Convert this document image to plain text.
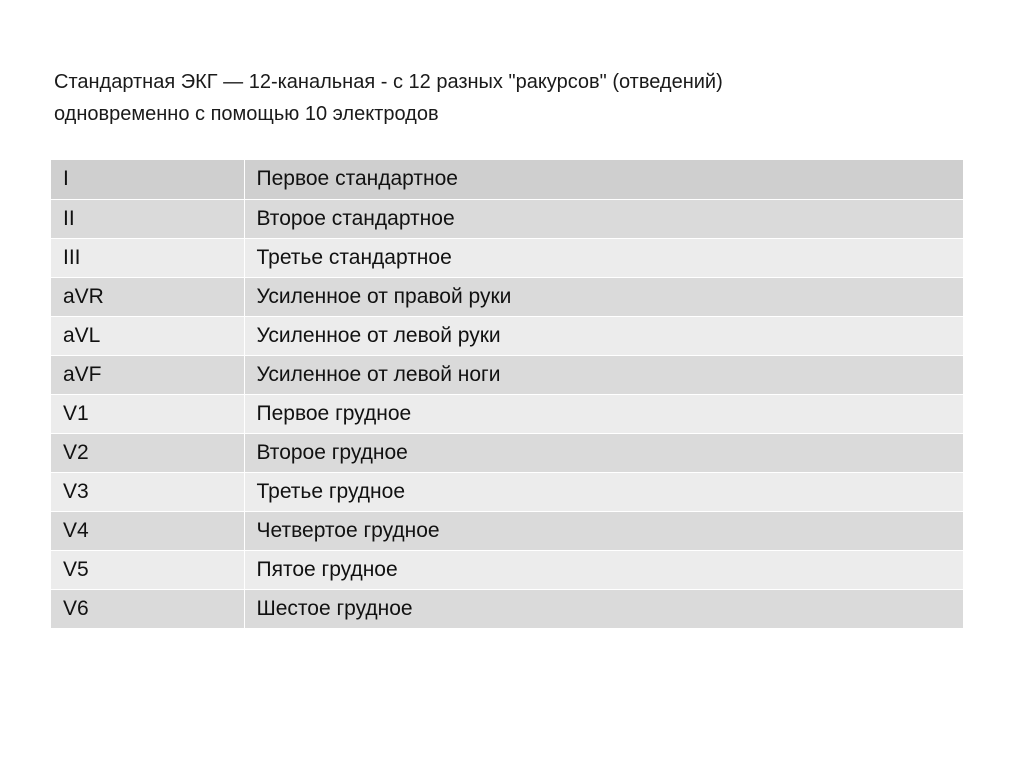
Стандартная ЭКГ — 12-канальная - с 12 разных "ракурсов" (отведений)
одновременно с помощью 10 электродов
I	Первое стандартное
II	Второе стандартное
III	Третье стандартное
aVR	Усиленное от правой руки
aVL	Усиленное от левой руки
aVF	Усиленное от левой ноги
V1	Первое грудное
V2	Второе грудное
V3	Третье грудное
V4	Четвертое грудное
V5	Пятое грудное
V6	Шестое грудное
